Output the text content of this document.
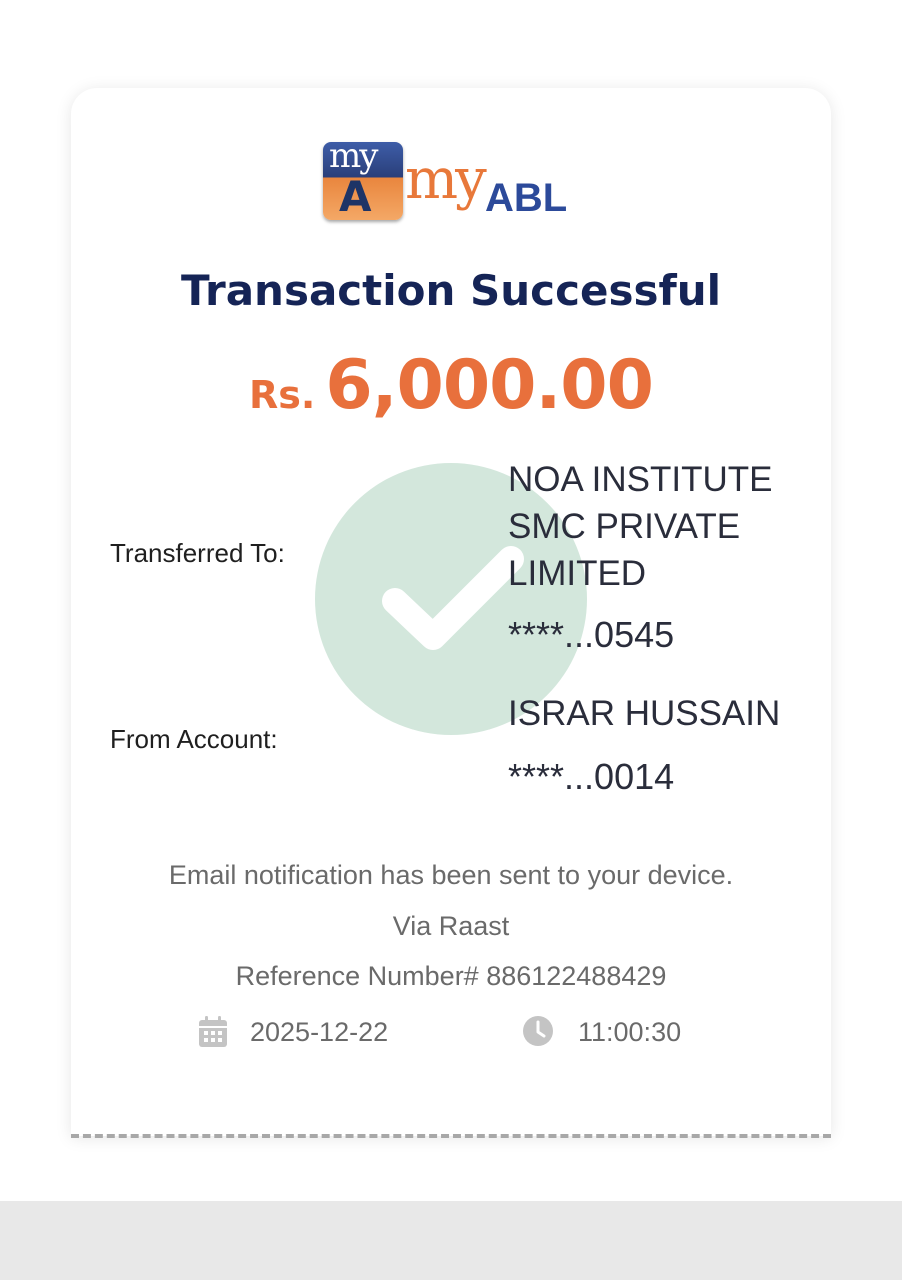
my
A my ABL
Transaction Successful
Rs. 6,000.00
Transferred To:
NOA INSTITUTE
SMC PRIVATE
LIMITED
****...0545
From Account:
ISRAR HUSSAIN
****...0014
Email notification has been sent to your device.
Via Raast
Reference Number# 886122488429
2025-12-22	11:00:30
